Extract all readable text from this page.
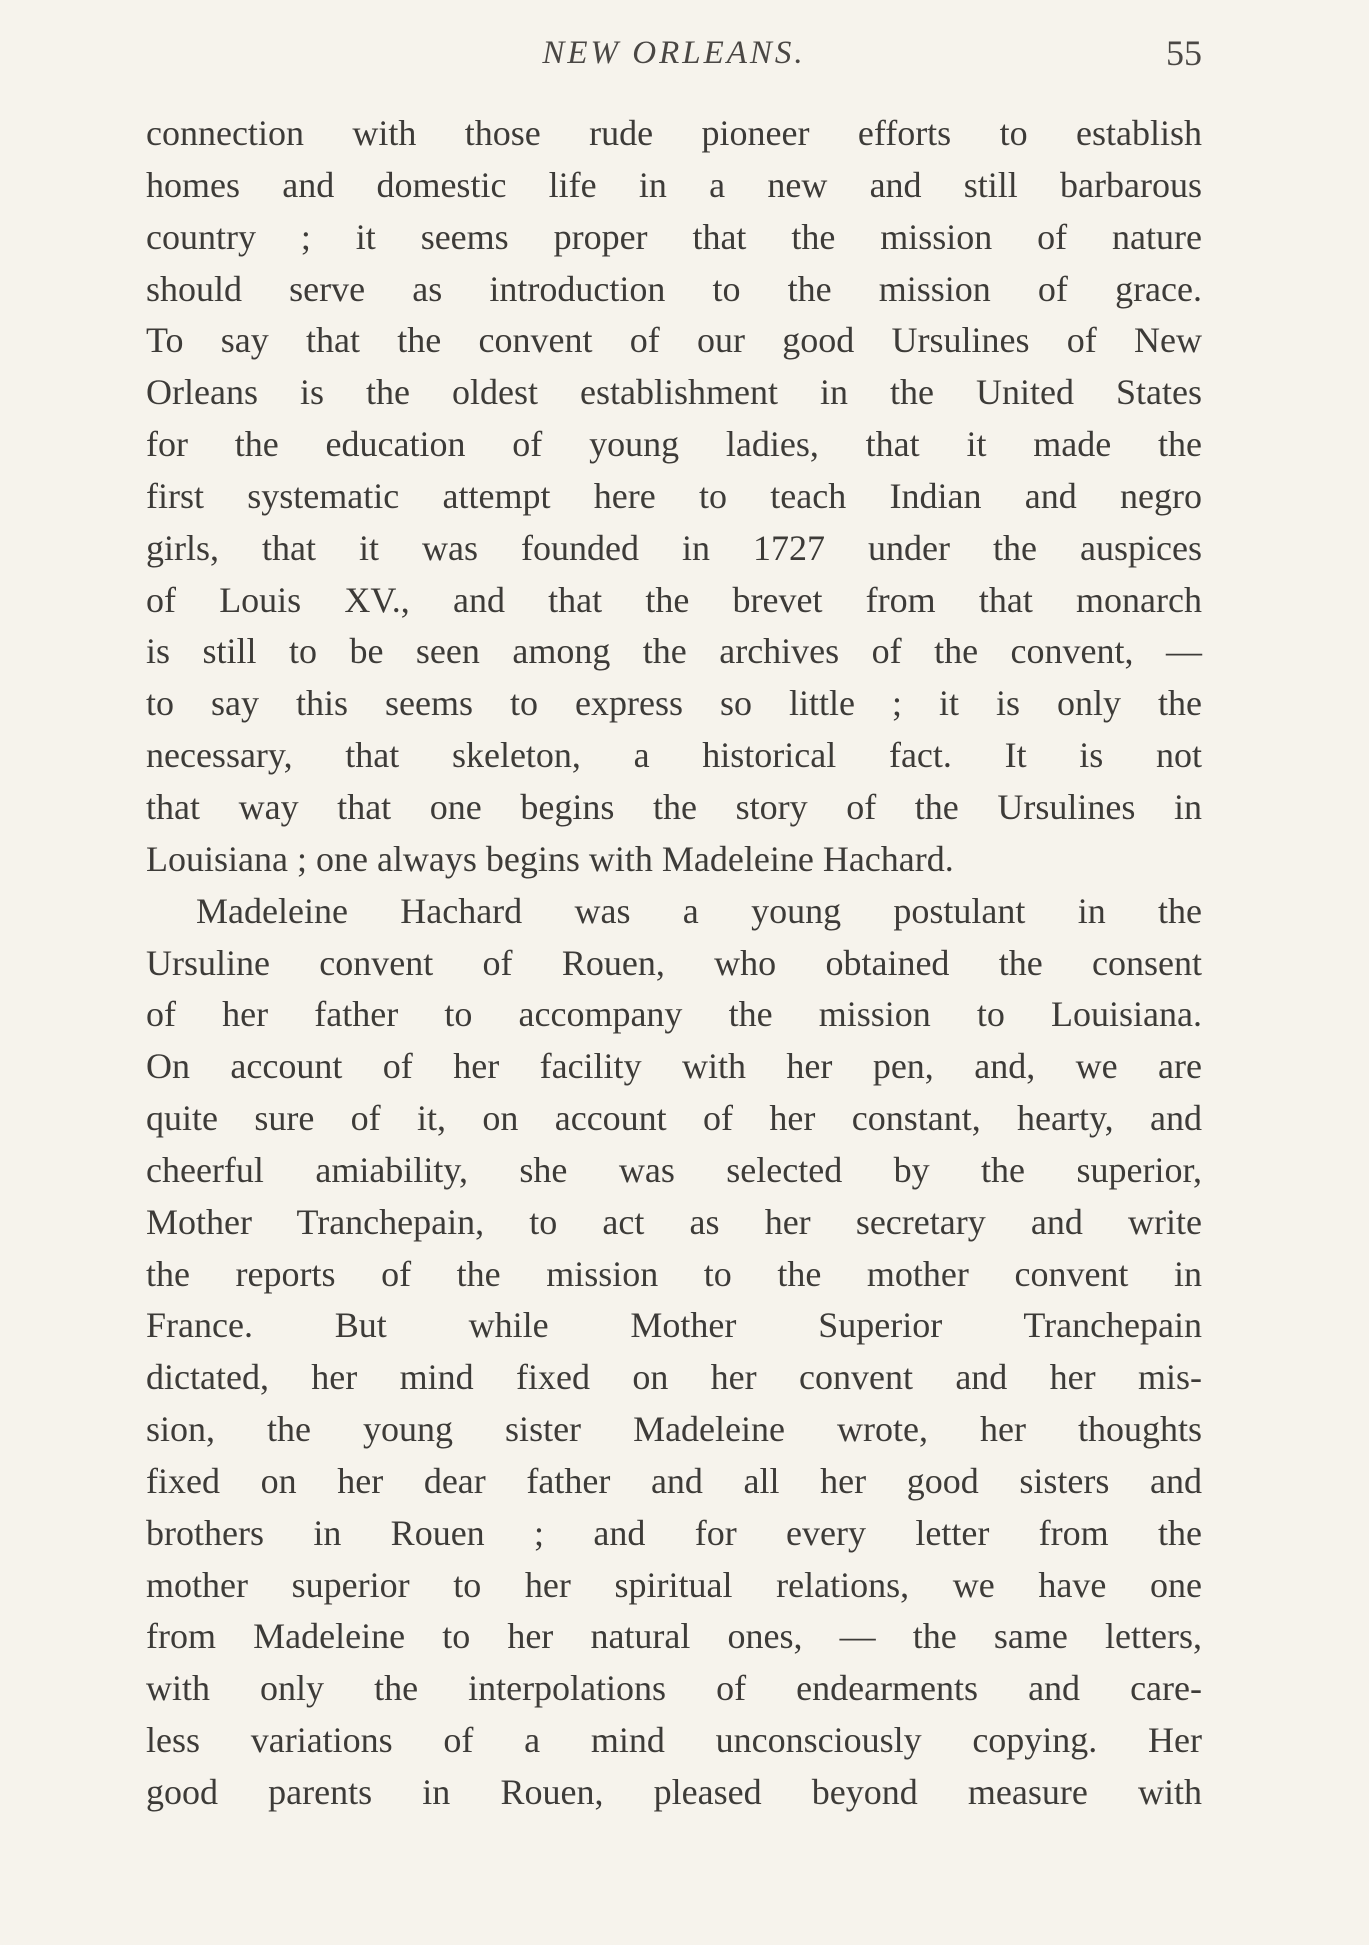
NEW ORLEANS.	55
connection with those rude pioneer efforts to establish
homes and domestic life in a new and still barbarous
country ; it seems proper that the mission of nature
should serve as introduction to the mission of grace.
To say that the convent of our good Ursulines of New
Orleans is the oldest establishment in the United States
for the education of young ladies, that it made the
first systematic attempt here to teach Indian and negro
girls, that it was founded in 1727 under the auspices
of Louis XV., and that the brevet from that monarch
is still to be seen among the archives of the convent, —
to say this seems to express so little ; it is only the
necessary, that skeleton, a historical fact. It is not
that way that one begins the story of the Ursulines in
Louisiana ; one always begins with Madeleine Hachard.
Madeleine Hachard was a young postulant in the
Ursuline convent of Rouen, who obtained the consent
of her father to accompany the mission to Louisiana.
On account of her facility with her pen, and, we are
quite sure of it, on account of her constant, hearty, and
cheerful amiability, she was selected by the superior,
Mother Tranchepain, to act as her secretary and write
the reports of the mission to the mother convent in
France. But while Mother Superior Tranchepain
dictated, her mind fixed on her convent and her mis-
sion, the young sister Madeleine wrote, her thoughts
fixed on her dear father and all her good sisters and
brothers in Rouen ; and for every letter from the
mother superior to her spiritual relations, we have one
from Madeleine to her natural ones, — the same letters,
with only the interpolations of endearments and care-
less variations of a mind unconsciously copying. Her
good parents in Rouen, pleased beyond measure with
